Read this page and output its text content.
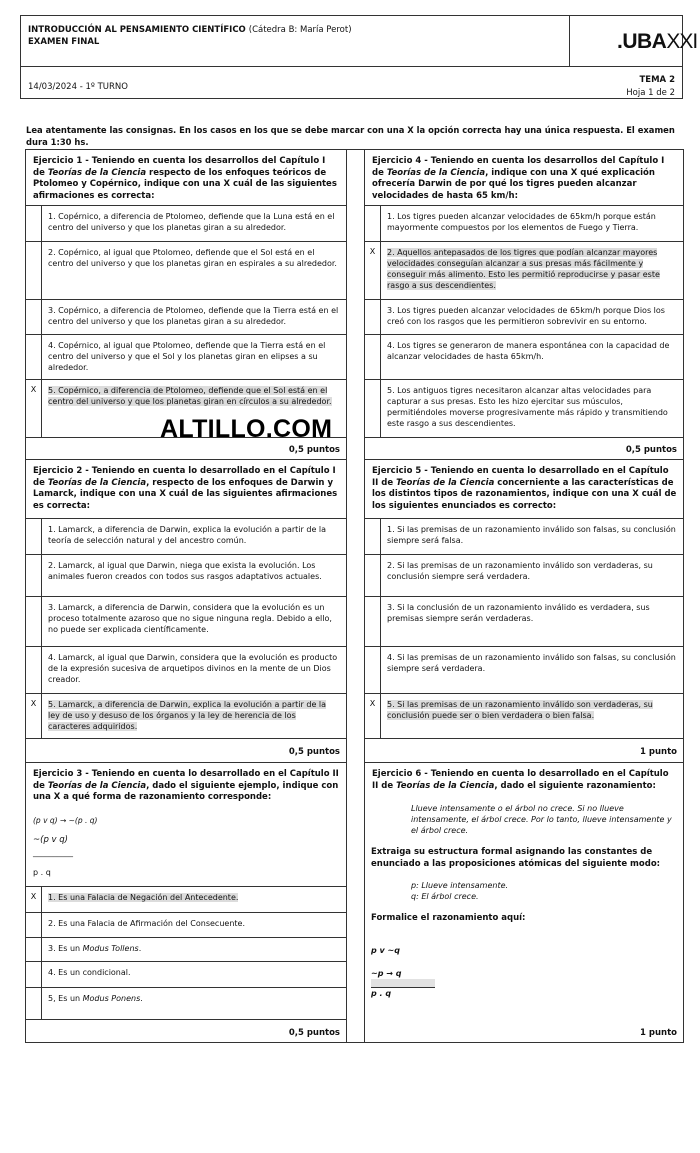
INTRODUCCIÓN AL PENSAMIENTO CIENTÍFICO (Cátedra B: María Perot)
EXAMEN FINAL	.UBAXXI
14/03/2024 - 1º TURNO
TEMA 2
Hoja 1 de 2
Lea atentamente las consignas. En los casos en los que se debe marcar con una X la opción correcta hay una única respuesta. El examen dura 1:30 hs.
Ejercicio 1 - Teniendo en cuenta los desarrollos del Capítulo I de Teorías de la Ciencia respecto de los enfoques teóricos de Ptolomeo y Copérnico, indique con una X cuál de las siguientes afirmaciones es correcta:
1. Copérnico, a diferencia de Ptolomeo, defiende que la Luna está en el centro del universo y que los planetas giran a su alrededor.
2. Copérnico, al igual que Ptolomeo, defiende que el Sol está en el centro del universo y que los planetas giran en espirales a su alrededor.
3. Copérnico, a diferencia de Ptolomeo, defiende que la Tierra está en el centro del universo y que los planetas giran a su alrededor.
4. Copérnico, al igual que Ptolomeo, defiende que la Tierra está en el centro del universo y que el Sol y los planetas giran en elipses a su alrededor.
X	5. Copérnico, a diferencia de Ptolomeo, defiende que el Sol está en el centro del universo y que los planetas giran en círculos a su alrededor.
0,5 puntos
Ejercicio 2 - Teniendo en cuenta lo desarrollado en el Capítulo I de Teorías de la Ciencia, respecto de los enfoques de Darwin y Lamarck, indique con una X cuál de las siguientes afirmaciones es correcta:
1. Lamarck, a diferencia de Darwin, explica la evolución a partir de la teoría de selección natural y del ancestro común.
2. Lamarck, al igual que Darwin, niega que exista la evolución. Los animales fueron creados con todos sus rasgos adaptativos actuales.
3. Lamarck, a diferencia de Darwin, considera que la evolución es un proceso totalmente azaroso que no sigue ninguna regla. Debido a ello, no puede ser explicada científicamente.
4. Lamarck, al igual que Darwin, considera que la evolución es producto de la expresión sucesiva de arquetipos divinos en la mente de un Dios creador.
X	5. Lamarck, a diferencia de Darwin, explica la evolución a partir de la ley de uso y desuso de los órganos y la ley de herencia de los caracteres adquiridos.
0,5 puntos
Ejercicio 3 - Teniendo en cuenta lo desarrollado en el Capítulo II de Teorías de la Ciencia, dado el siguiente ejemplo, indique con una X a qué forma de razonamiento corresponde:
(p v q) → ~(p . q)
~(p v q)
__________
p . q
X	1. Es una Falacia de Negación del Antecedente.
2. Es una Falacia de Afirmación del Consecuente.
3. Es un Modus Tollens.
4. Es un condicional.
5, Es un Modus Ponens.
0,5 puntos
Ejercicio 4 - Teniendo en cuenta los desarrollos del Capítulo I de Teorías de la Ciencia, indique con una X qué explicación ofrecería Darwin de por qué los tigres pueden alcanzar velocidades de hasta 65 km/h:
1. Los tigres pueden alcanzar velocidades de 65km/h porque están mayormente compuestos por los elementos de Fuego y Tierra.
X	2. Aquellos antepasados de los tigres que podían alcanzar mayores velocidades conseguían alcanzar a sus presas más fácilmente y conseguir más alimento. Esto les permitió reproducirse y pasar este rasgo a sus descendientes.
3. Los tigres pueden alcanzar velocidades de 65km/h porque Dios los creó con los rasgos que les permitieron sobrevivir en su entorno.
4. Los tigres se generaron de manera espontánea con la capacidad de alcanzar velocidades de hasta 65km/h.
5. Los antiguos tigres necesitaron alcanzar altas velocidades para capturar a sus presas. Esto les hizo ejercitar sus músculos, permitiéndoles moverse progresivamente más rápido y transmitiendo este rasgo a sus descendientes.
0,5 puntos
Ejercicio 5 - Teniendo en cuenta lo desarrollado en el Capítulo II de Teorías de la Ciencia concerniente a las características de los distintos tipos de razonamientos, indique con una X cuál de los siguientes enunciados es correcto:
1. Si las premisas de un razonamiento inválido son falsas, su conclusión siempre será falsa.
2. Si las premisas de un razonamiento inválido son verdaderas, su conclusión siempre será verdadera.
3. Si la conclusión de un razonamiento inválido es verdadera, sus premisas siempre serán verdaderas.
4. Si las premisas de un razonamiento inválido son falsas, su conclusión siempre será verdadera.
X	5. Si las premisas de un razonamiento inválido son verdaderas, su conclusión puede ser o bien verdadera o bien falsa.
1 punto
Ejercicio 6 - Teniendo en cuenta lo desarrollado en el Capítulo II de Teorías de la Ciencia, dado el siguiente razonamiento:
Llueve intensamente o el árbol no crece. Si no llueve intensamente, el árbol crece. Por lo tanto, llueve intensamente y el árbol crece.
Extraiga su estructura formal asignando las constantes de enunciado a las proposiciones atómicas del siguiente modo:
p: Llueve intensamente.
q: El árbol crece.
Formalice el razonamiento aquí:
p v ~q
~p → q
p . q
1 punto
ALTILLO.COM
